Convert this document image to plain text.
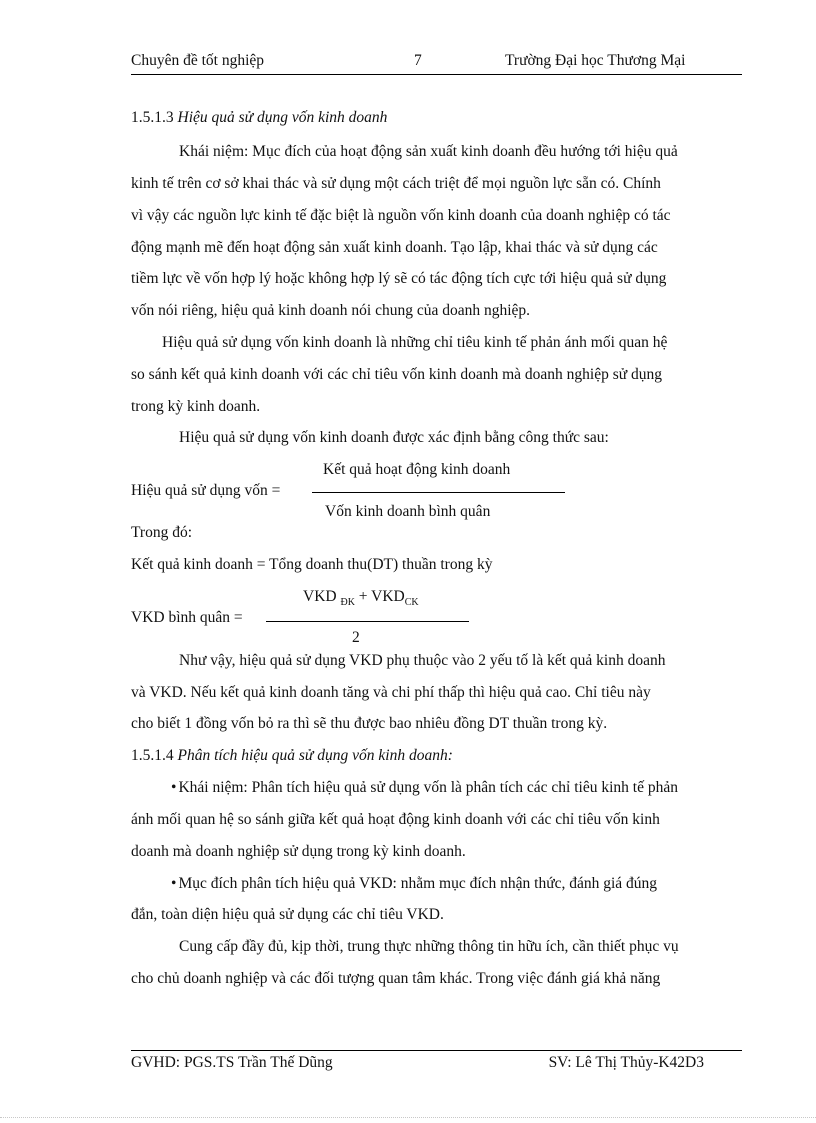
Chuyên đề tốt nghiệp	7	Trường Đại học Thương Mại
1.5.1.3 Hiệu quả sử dụng vốn kinh doanh
Khái niệm: Mục đích của hoạt động sản xuất kinh doanh đều hướng tới hiệu quả
kinh tế trên cơ sở khai thác và sử dụng một cách triệt để mọi nguồn lực sẵn có. Chính
vì vậy các nguồn lực kinh tế đặc biệt là nguồn vốn kinh doanh của doanh nghiệp có tác
động mạnh mẽ đến hoạt động sản xuất kinh doanh. Tạo lập, khai thác và sử dụng các
tiềm lực về vốn hợp lý hoặc không hợp lý sẽ có tác động tích cực tới hiệu quả sử dụng
vốn nói riêng, hiệu quả kinh doanh nói chung của doanh nghiệp.
Hiệu quả sử dụng vốn kinh doanh là những chỉ tiêu kinh tế phản ánh mối quan hệ
so sánh kết quả kinh doanh với các chỉ tiêu vốn kinh doanh mà doanh nghiệp sử dụng
trong kỳ kinh doanh.
Hiệu quả sử dụng vốn kinh doanh được xác định bằng công thức sau:
Kết quả hoạt động kinh doanh
Hiệu quả sử dụng vốn =
Vốn kinh doanh bình quân
Trong đó:
Kết quả kinh doanh = Tổng doanh thu(DT) thuần trong kỳ
VKD $_{ĐK} + VKD_{CK}$
VKD bình quân =
2
Như vậy, hiệu quả sử dụng VKD phụ thuộc vào 2 yếu tố là kết quả kinh doanh
và VKD. Nếu kết quả kinh doanh tăng và chi phí thấp thì hiệu quả cao. Chỉ tiêu này
cho biết 1 đồng vốn bỏ ra thì sẽ thu được bao nhiêu đồng DT thuần trong kỳ.
1.5.1.4 Phân tích hiệu quả sử dụng vốn kinh doanh:
• Khái niệm: Phân tích hiệu quả sử dụng vốn là phân tích các chỉ tiêu kinh tế phản
ánh mối quan hệ so sánh giữa kết quả hoạt động kinh doanh với các chỉ tiêu vốn kinh
doanh mà doanh nghiệp sử dụng trong kỳ kinh doanh.
• Mục đích phân tích hiệu quả VKD: nhằm mục đích nhận thức, đánh giá đúng
đắn, toàn diện hiệu quả sử dụng các chỉ tiêu VKD.
Cung cấp đầy đủ, kịp thời, trung thực những thông tin hữu ích, cần thiết phục vụ
cho chủ doanh nghiệp và các đối tượng quan tâm khác. Trong việc đánh giá khả năng
GVHD: PGS.TS Trần Thế Dũng	SV: Lê Thị Thủy-K42D3
